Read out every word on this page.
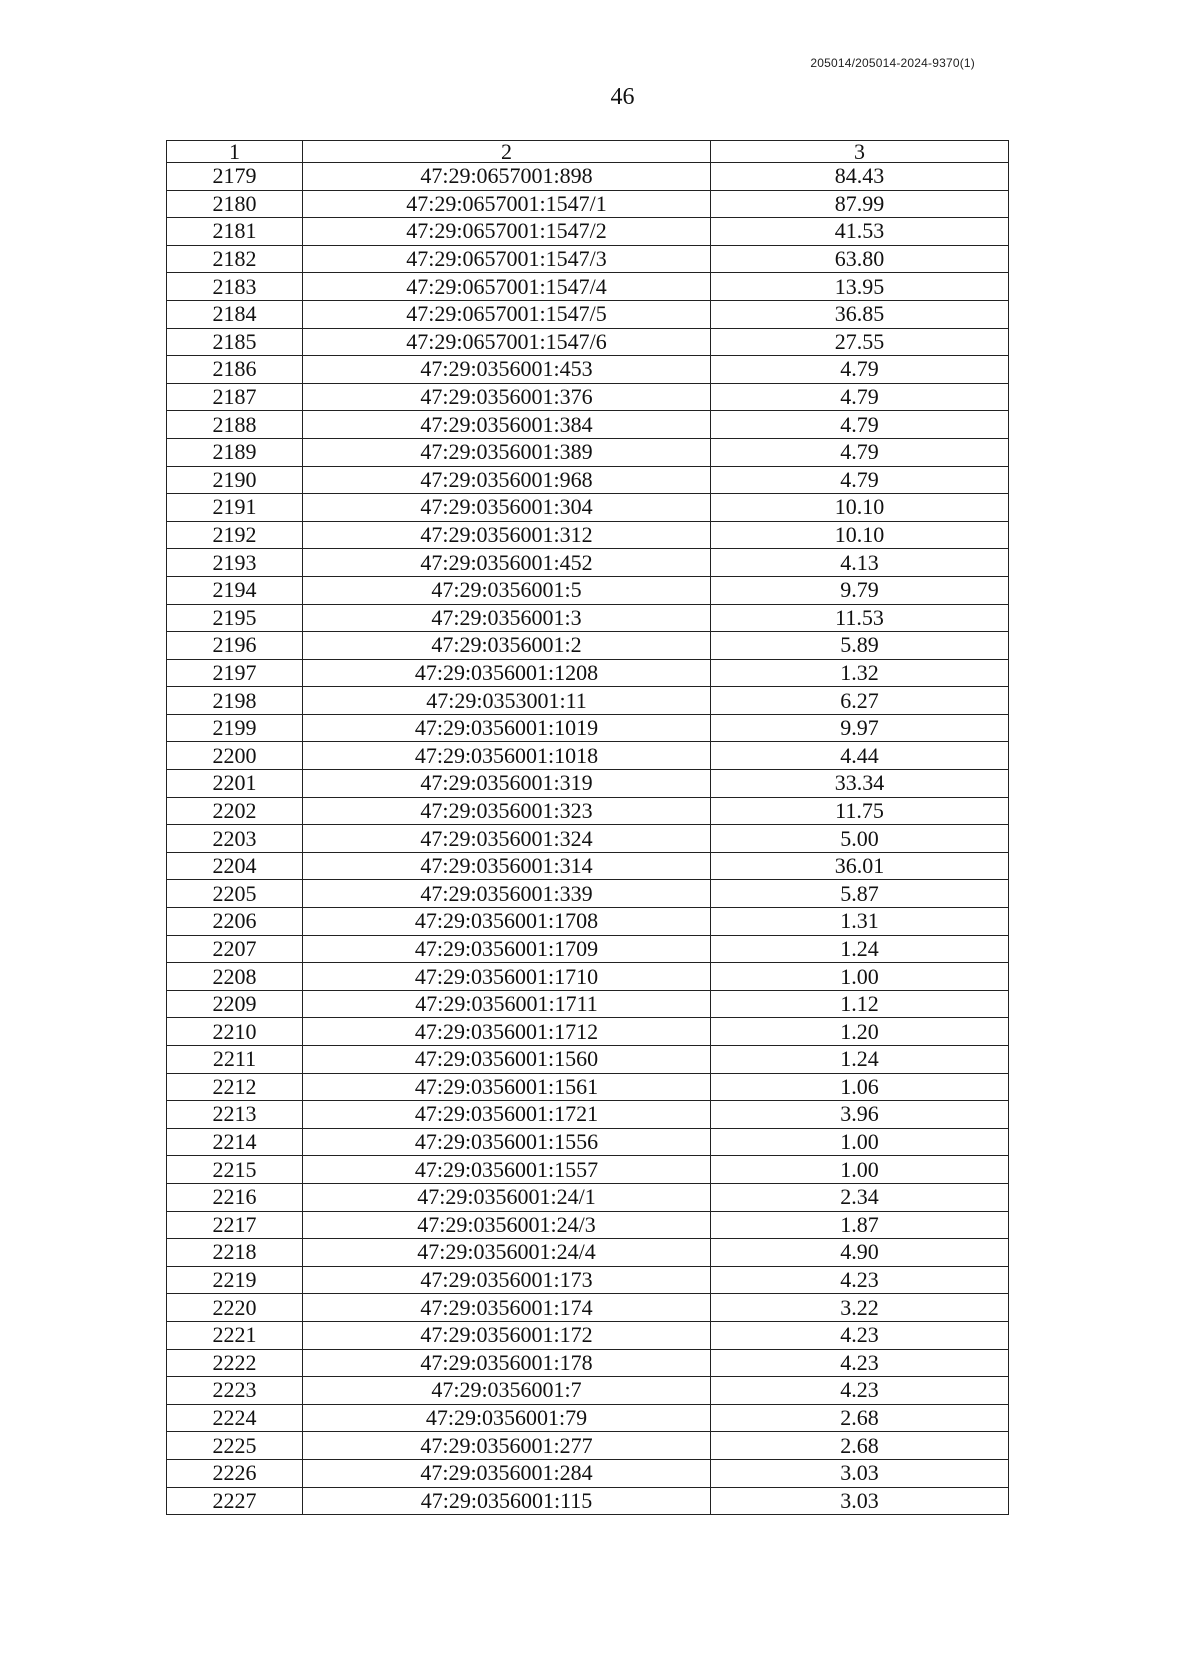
205014/205014-2024-9370(1)
46
1	2	3
2179	47:29:0657001:898	84.43
2180	47:29:0657001:1547/1	87.99
2181	47:29:0657001:1547/2	41.53
2182	47:29:0657001:1547/3	63.80
2183	47:29:0657001:1547/4	13.95
2184	47:29:0657001:1547/5	36.85
2185	47:29:0657001:1547/6	27.55
2186	47:29:0356001:453	4.79
2187	47:29:0356001:376	4.79
2188	47:29:0356001:384	4.79
2189	47:29:0356001:389	4.79
2190	47:29:0356001:968	4.79
2191	47:29:0356001:304	10.10
2192	47:29:0356001:312	10.10
2193	47:29:0356001:452	4.13
2194	47:29:0356001:5	9.79
2195	47:29:0356001:3	11.53
2196	47:29:0356001:2	5.89
2197	47:29:0356001:1208	1.32
2198	47:29:0353001:11	6.27
2199	47:29:0356001:1019	9.97
2200	47:29:0356001:1018	4.44
2201	47:29:0356001:319	33.34
2202	47:29:0356001:323	11.75
2203	47:29:0356001:324	5.00
2204	47:29:0356001:314	36.01
2205	47:29:0356001:339	5.87
2206	47:29:0356001:1708	1.31
2207	47:29:0356001:1709	1.24
2208	47:29:0356001:1710	1.00
2209	47:29:0356001:1711	1.12
2210	47:29:0356001:1712	1.20
2211	47:29:0356001:1560	1.24
2212	47:29:0356001:1561	1.06
2213	47:29:0356001:1721	3.96
2214	47:29:0356001:1556	1.00
2215	47:29:0356001:1557	1.00
2216	47:29:0356001:24/1	2.34
2217	47:29:0356001:24/3	1.87
2218	47:29:0356001:24/4	4.90
2219	47:29:0356001:173	4.23
2220	47:29:0356001:174	3.22
2221	47:29:0356001:172	4.23
2222	47:29:0356001:178	4.23
2223	47:29:0356001:7	4.23
2224	47:29:0356001:79	2.68
2225	47:29:0356001:277	2.68
2226	47:29:0356001:284	3.03
2227	47:29:0356001:115	3.03
